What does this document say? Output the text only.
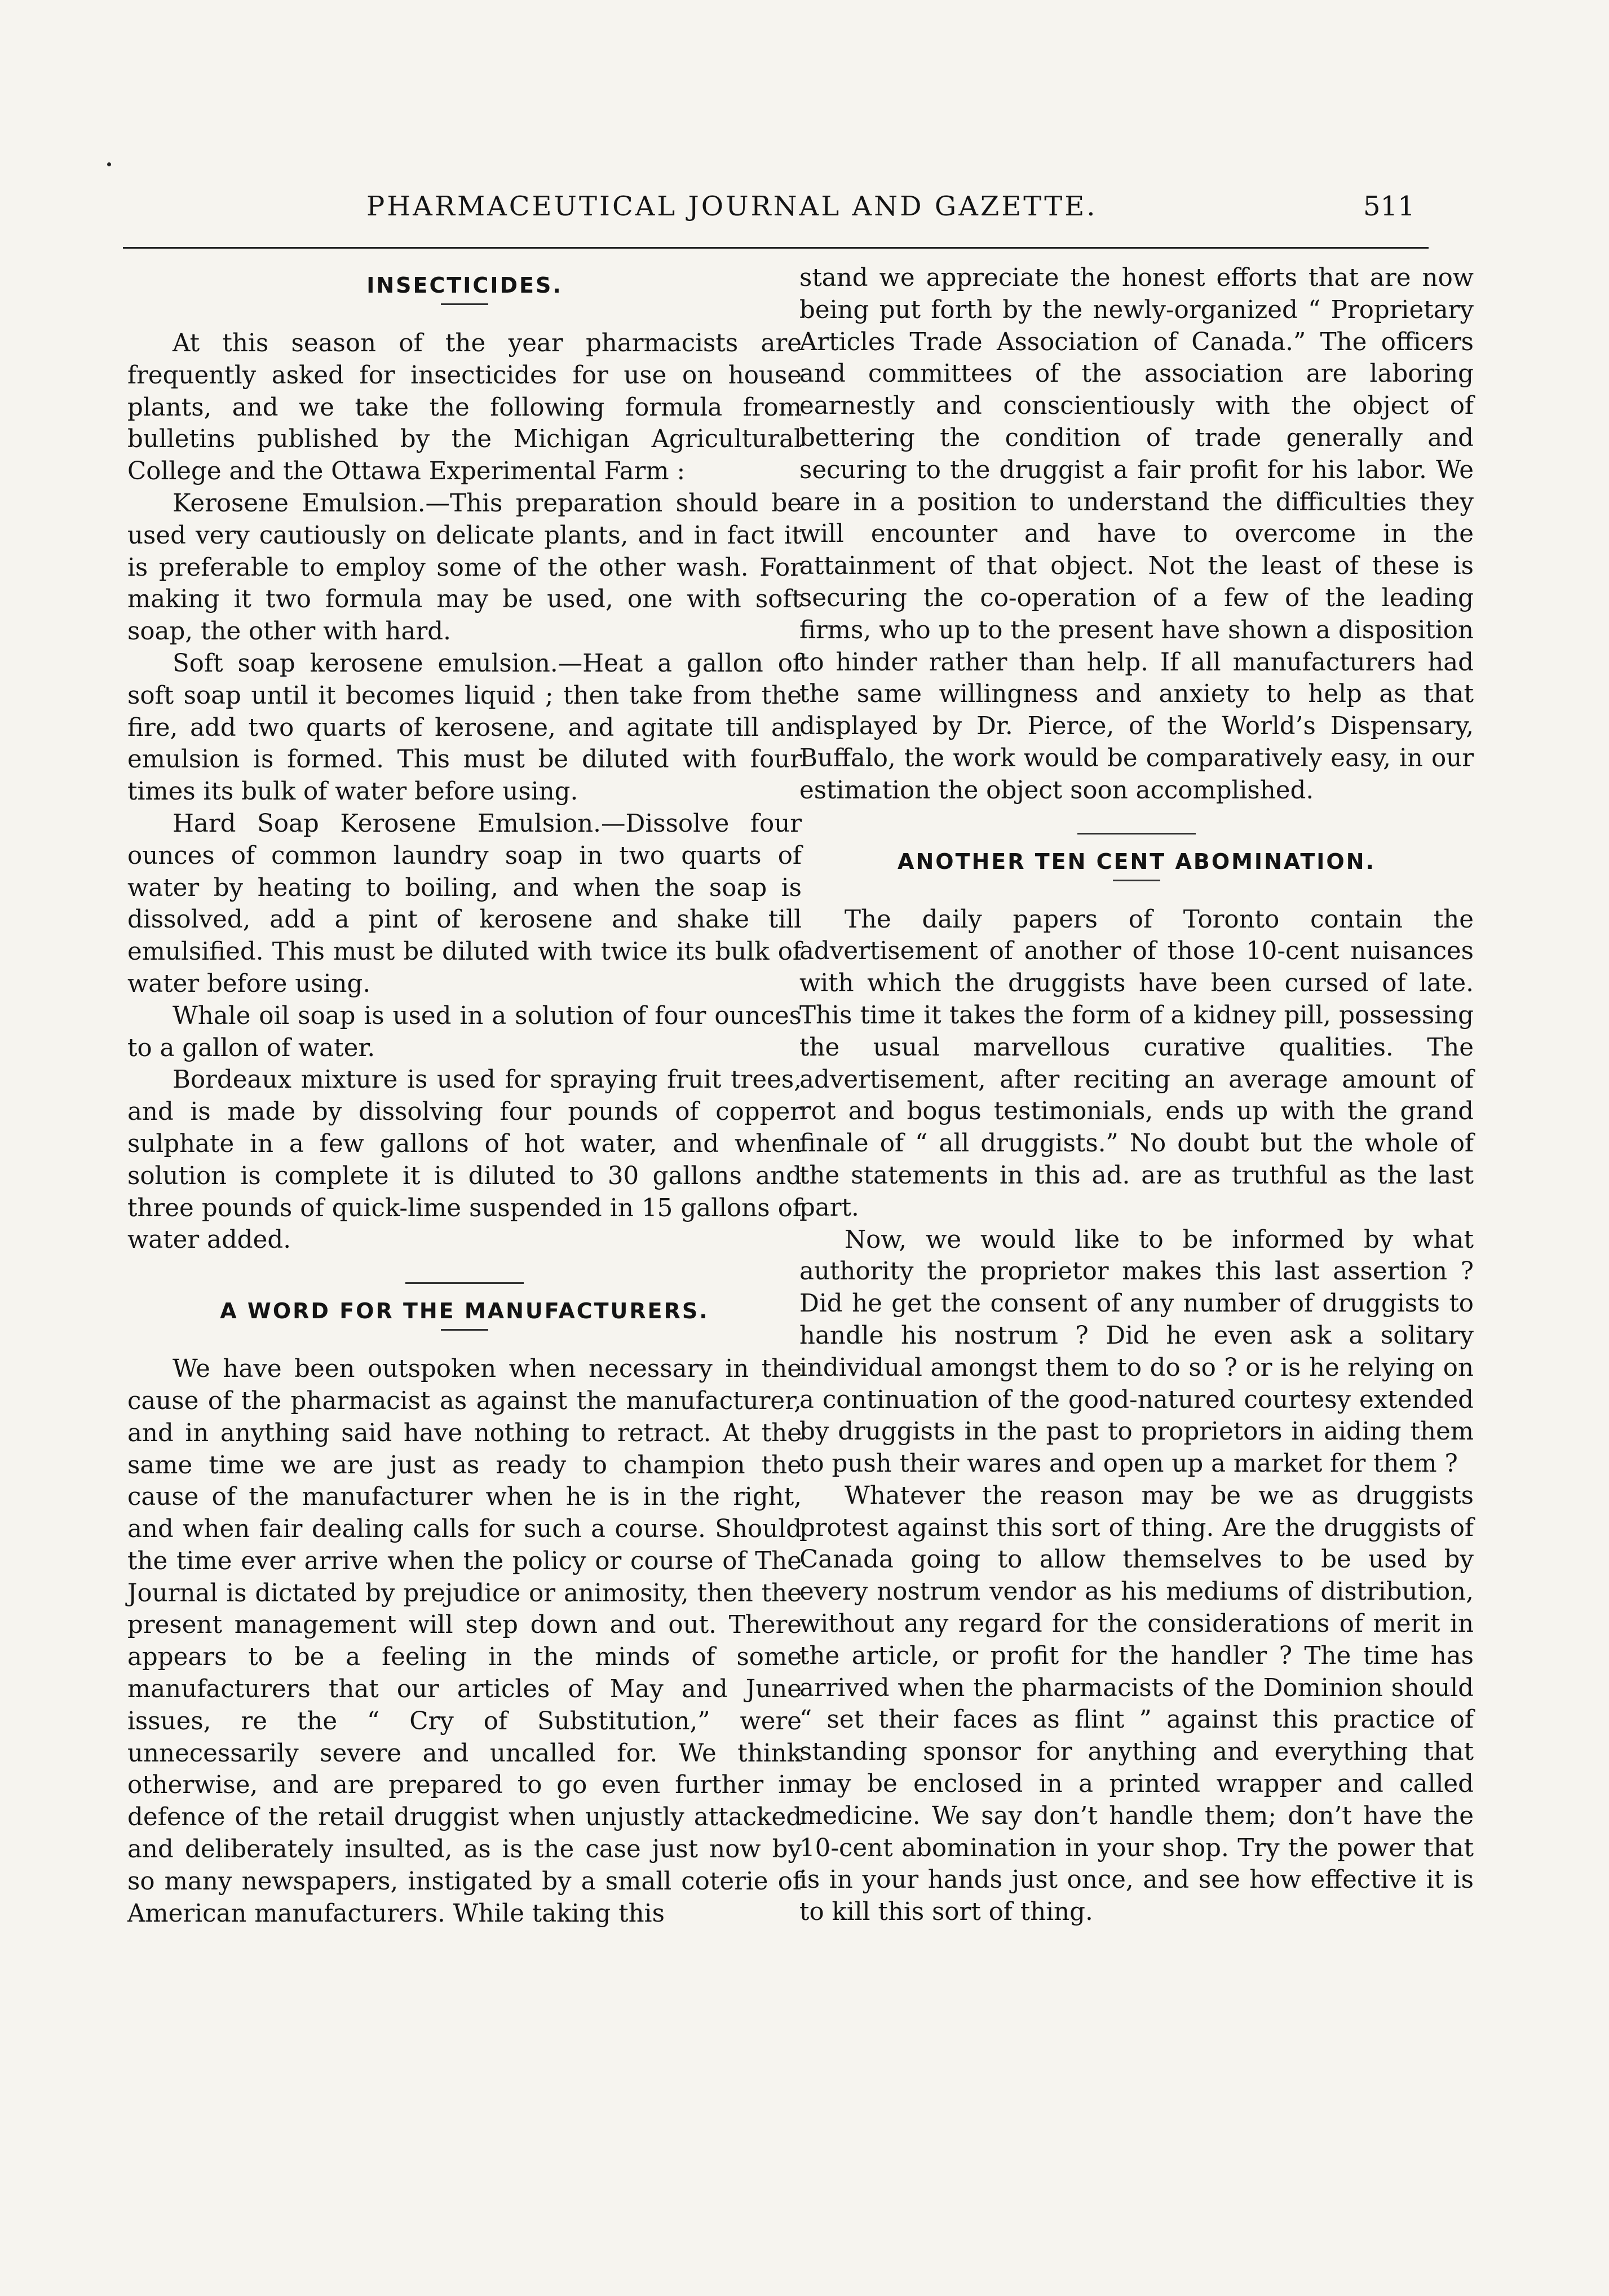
PHARMACEUTICAL JOURNAL AND GAZETTE.	511
INSECTICIDES.

At this season of the year pharmacists are frequently asked for insecticides for use on house plants, and we take the following formula from bulletins published by the Michigan Agricultural College and the Ottawa Experimental Farm :

Kerosene Emulsion.—This preparation should be used very cautiously on delicate plants, and in fact it is preferable to employ some of the other wash. For making it two formula may be used, one with soft soap, the other with hard.

Soft soap kerosene emulsion.—Heat a gallon of soft soap until it becomes liquid ; then take from the fire, add two quarts of kerosene, and agitate till an emulsion is formed. This must be diluted with four times its bulk of water before using.

Hard Soap Kerosene Emulsion.—Dissolve four ounces of common laundry soap in two quarts of water by heating to boiling, and when the soap is dissolved, add a pint of kerosene and shake till emulsified. This must be diluted with twice its bulk of water before using.

Whale oil soap is used in a solution of four ounces to a gallon of water.

Bordeaux mixture is used for spraying fruit trees, and is made by dissolving four pounds of copper sulphate in a few gallons of hot water, and when solution is complete it is diluted to 30 gallons and three pounds of quick-lime suspended in 15 gallons of water added.

A WORD FOR THE MANUFACTURERS.

We have been outspoken when necessary in the cause of the pharmacist as against the manufacturer, and in anything said have nothing to retract. At the same time we are just as ready to champion the cause of the manufacturer when he is in the right, and when fair dealing calls for such a course. Should the time ever arrive when the policy or course of The Journal is dictated by prejudice or animosity, then the present management will step down and out. There appears to be a feeling in the minds of some manufacturers that our articles of May and June issues, re the “ Cry of Substitution,” were unnecessarily severe and uncalled for. We think otherwise, and are prepared to go even further in defence of the retail druggist when unjustly attacked and deliberately insulted, as is the case just now by so many newspapers, instigated by a small coterie of American manufacturers. While taking this

stand we appreciate the honest efforts that are now being put forth by the newly-organized “ Proprietary Articles Trade Association of Canada.” The officers and committees of the association are laboring earnestly and conscientiously with the object of bettering the condition of trade generally and securing to the druggist a fair profit for his labor. We are in a position to understand the difficulties they will encounter and have to overcome in the attainment of that object. Not the least of these is securing the co-operation of a few of the leading firms, who up to the present have shown a disposition to hinder rather than help. If all manufacturers had the same willingness and anxiety to help as that displayed by Dr. Pierce, of the World’s Dispensary, Buffalo, the work would be comparatively easy, in our estimation the object soon accomplished.

ANOTHER TEN CENT ABOMINATION.

The daily papers of Toronto contain the advertisement of another of those 10-cent nuisances with which the druggists have been cursed of late. This time it takes the form of a kidney pill, possessing the usual marvellous curative qualities. The advertisement, after reciting an average amount of rot and bogus testimonials, ends up with the grand finale of “ all druggists.” No doubt but the whole of the statements in this ad. are as truthful as the last part.

Now, we would like to be informed by what authority the proprietor makes this last assertion ? Did he get the consent of any number of druggists to handle his nostrum ? Did he even ask a solitary individual amongst them to do so ? or is he relying on a continuation of the good-natured courtesy extended by druggists in the past to proprietors in aiding them to push their wares and open up a market for them ?

Whatever the reason may be we as druggists protest against this sort of thing. Are the druggists of Canada going to allow themselves to be used by every nostrum vendor as his mediums of distribution, without any regard for the considerations of merit in the article, or profit for the handler ? The time has arrived when the pharmacists of the Dominion should “ set their faces as flint ” against this practice of standing sponsor for anything and everything that may be enclosed in a printed wrapper and called medicine. We say don’t handle them; don’t have the 10-cent abomination in your shop. Try the power that is in your hands just once, and see how effective it is to kill this sort of thing.
